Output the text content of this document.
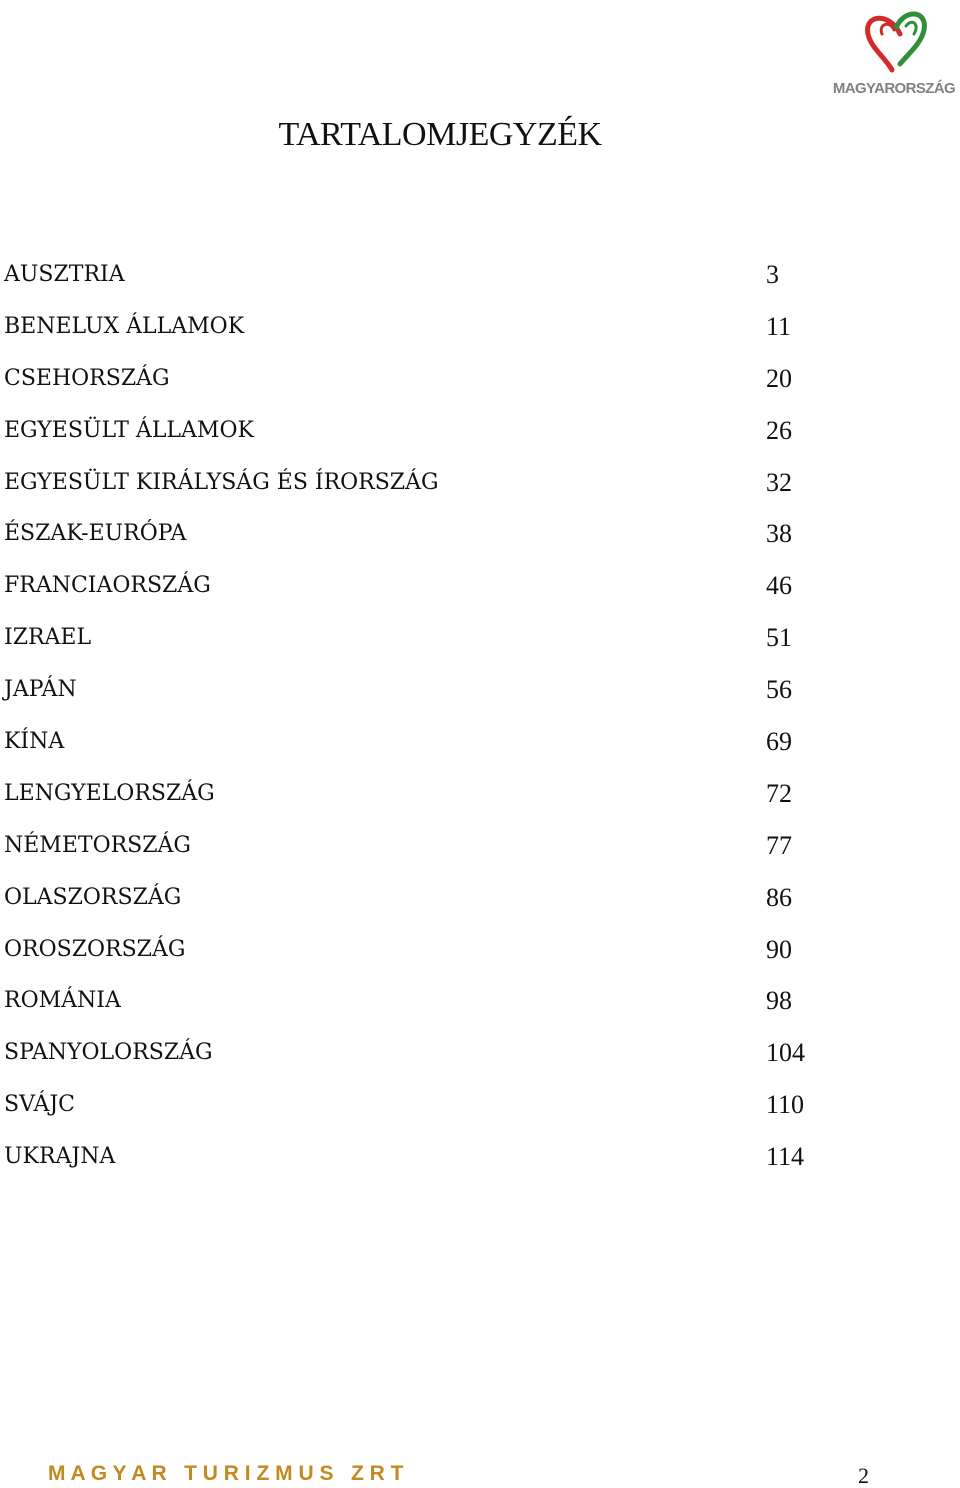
MAGYARORSZÁG
TARTALOMJEGYZÉK
AUSZTRIA	3
BENELUX ÁLLAMOK	11
CSEHORSZÁG	20
EGYESÜLT ÁLLAMOK	26
EGYESÜLT KIRÁLYSÁG ÉS ÍRORSZÁG	32
ÉSZAK-EURÓPA	38
FRANCIAORSZÁG	46
IZRAEL	51
JAPÁN	56
KÍNA	69
LENGYELORSZÁG	72
NÉMETORSZÁG	77
OLASZORSZÁG	86
OROSZORSZÁG	90
ROMÁNIA	98
SPANYOLORSZÁG	104
SVÁJC	110
UKRAJNA	114
M A G Y A R   T U R I Z M U S   Z R T	2
